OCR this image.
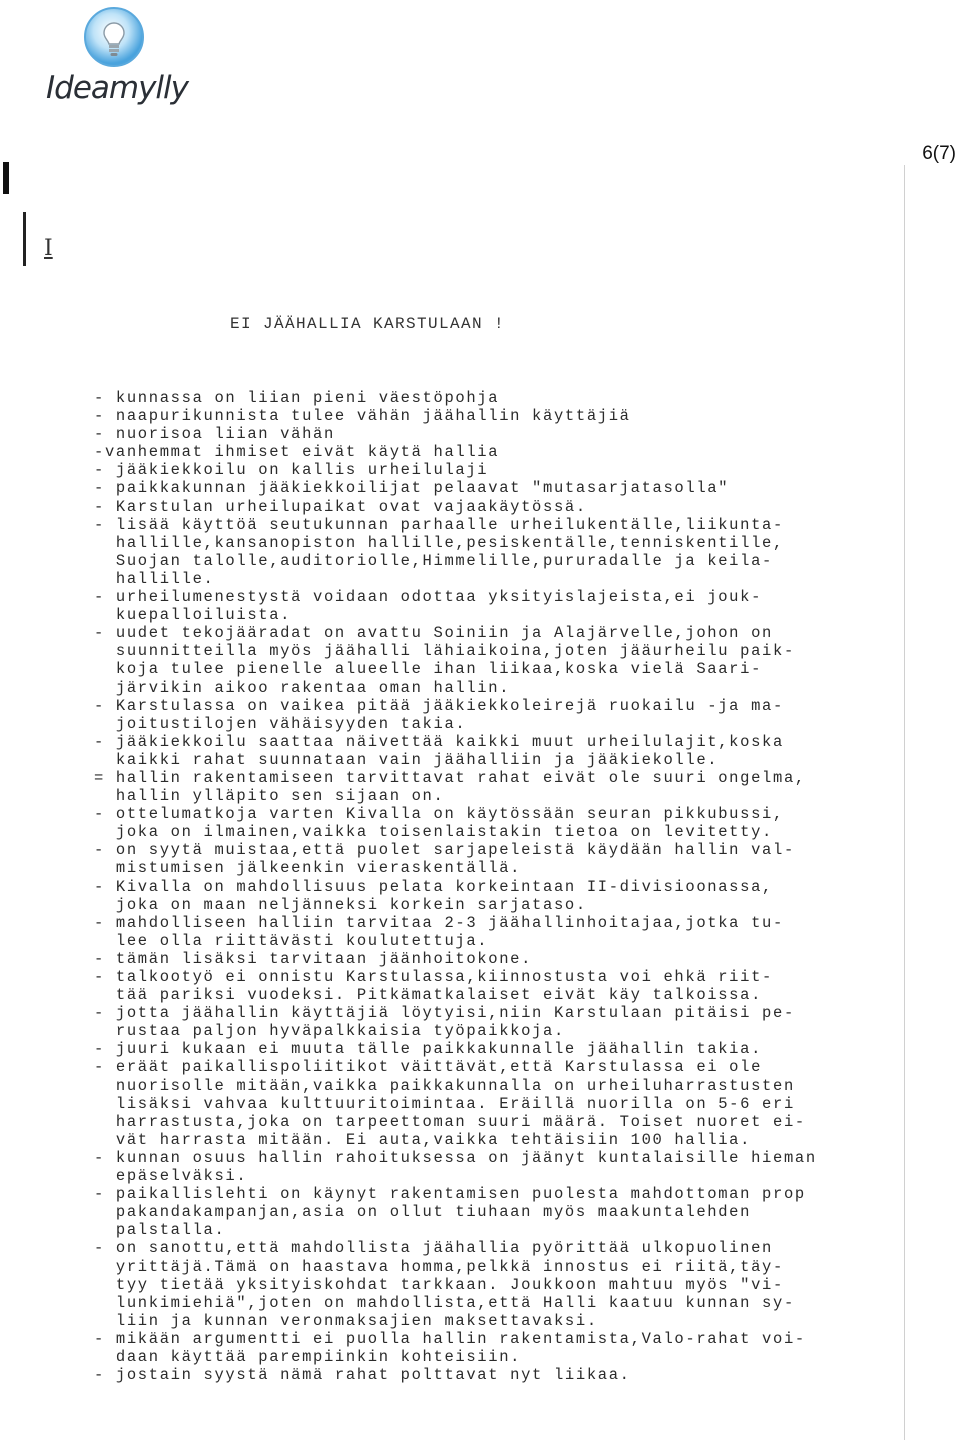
Ideamylly
6(7)
I
EI JÄÄHALLIA KARSTULAAN !
- kunnassa on liian pieni väestöpohja
- naapurikunnista tulee vähän jäähallin käyttäjiä
- nuorisoa liian vähän
-vanhemmat ihmiset eivät käytä hallia
- jääkiekkoilu on kallis urheilulaji
- paikkakunnan jääkiekkoilijat pelaavat "mutasarjatasolla"
- Karstulan urheilupaikat ovat vajaakäytössä.
- lisää käyttöä seutukunnan parhaalle urheilukentälle,liikunta-
hallille,kansanopiston hallille,pesiskentälle,tenniskentille,
Suojan talolle,auditoriolle,Himmelille,pururadalle ja keila-
hallille.
- urheilumenestystä voidaan odottaa yksityislajeista,ei jouk-
kuepalloiluista.
- uudet tekojääradat on avattu Soiniin ja Alajärvelle,johon on
suunnitteilla myös jäähalli lähiaikoina,joten jääurheilu paik-
koja tulee pienelle alueelle ihan liikaa,koska vielä Saari-
järvikin aikoo rakentaa oman hallin.
- Karstulassa on vaikea pitää jääkiekkoleirejä ruokailu -ja ma-
joitustilojen vähäisyyden takia.
- jääkiekkoilu saattaa näivettää kaikki muut urheilulajit,koska
kaikki rahat suunnataan vain jäähalliin ja jääkiekolle.
= hallin rakentamiseen tarvittavat rahat eivät ole suuri ongelma,
hallin ylläpito sen sijaan on.
- ottelumatkoja varten Kivalla on käytössään seuran pikkubussi,
joka on ilmainen,vaikka toisenlaistakin tietoa on levitetty.
- on syytä muistaa,että puolet sarjapeleistä käydään hallin val-
mistumisen jälkeenkin vieraskentällä.
- Kivalla on mahdollisuus pelata korkeintaan II-divisioonassa,
joka on maan neljänneksi korkein sarjataso.
- mahdolliseen halliin tarvitaa 2-3 jäähallinhoitajaa,jotka tu-
lee olla riittävästi koulutettuja.
- tämän lisäksi tarvitaan jäänhoitokone.
- talkootyö ei onnistu Karstulassa,kiinnostusta voi ehkä riit-
tää pariksi vuodeksi. Pitkämatkalaiset eivät käy talkoissa.
- jotta jäähallin käyttäjiä löytyisi,niin Karstulaan pitäisi pe-
rustaa paljon hyväpalkkaisia työpaikkoja.
- juuri kukaan ei muuta tälle paikkakunnalle jäähallin takia.
- eräät paikallispoliitikot väittävät,että Karstulassa ei ole
nuorisolle mitään,vaikka paikkakunnalla on urheiluharrastusten
lisäksi vahvaa kulttuuritoimintaa. Eräillä nuorilla on 5-6 eri
harrastusta,joka on tarpeettoman suuri määrä. Toiset nuoret ei-
vät harrasta mitään. Ei auta,vaikka tehtäisiin 100 hallia.
- kunnan osuus hallin rahoituksessa on jäänyt kuntalaisille hieman
epäselväksi.
- paikallislehti on käynyt rakentamisen puolesta mahdottoman prop
pakandakampanjan,asia on ollut tiuhaan myös maakuntalehden
palstalla.
- on sanottu,että mahdollista jäähallia pyörittää ulkopuolinen
yrittäjä.Tämä on haastava homma,pelkkä innostus ei riitä,täy-
tyy tietää yksityiskohdat tarkkaan. Joukkoon mahtuu myös "vi-
lunkimiehiä",joten on mahdollista,että Halli kaatuu kunnan sy-
liin ja kunnan veronmaksajien maksettavaksi.
- mikään argumentti ei puolla hallin rakentamista,Valo-rahat voi-
daan käyttää parempiinkin kohteisiin.
- jostain syystä nämä rahat polttavat nyt liikaa.
